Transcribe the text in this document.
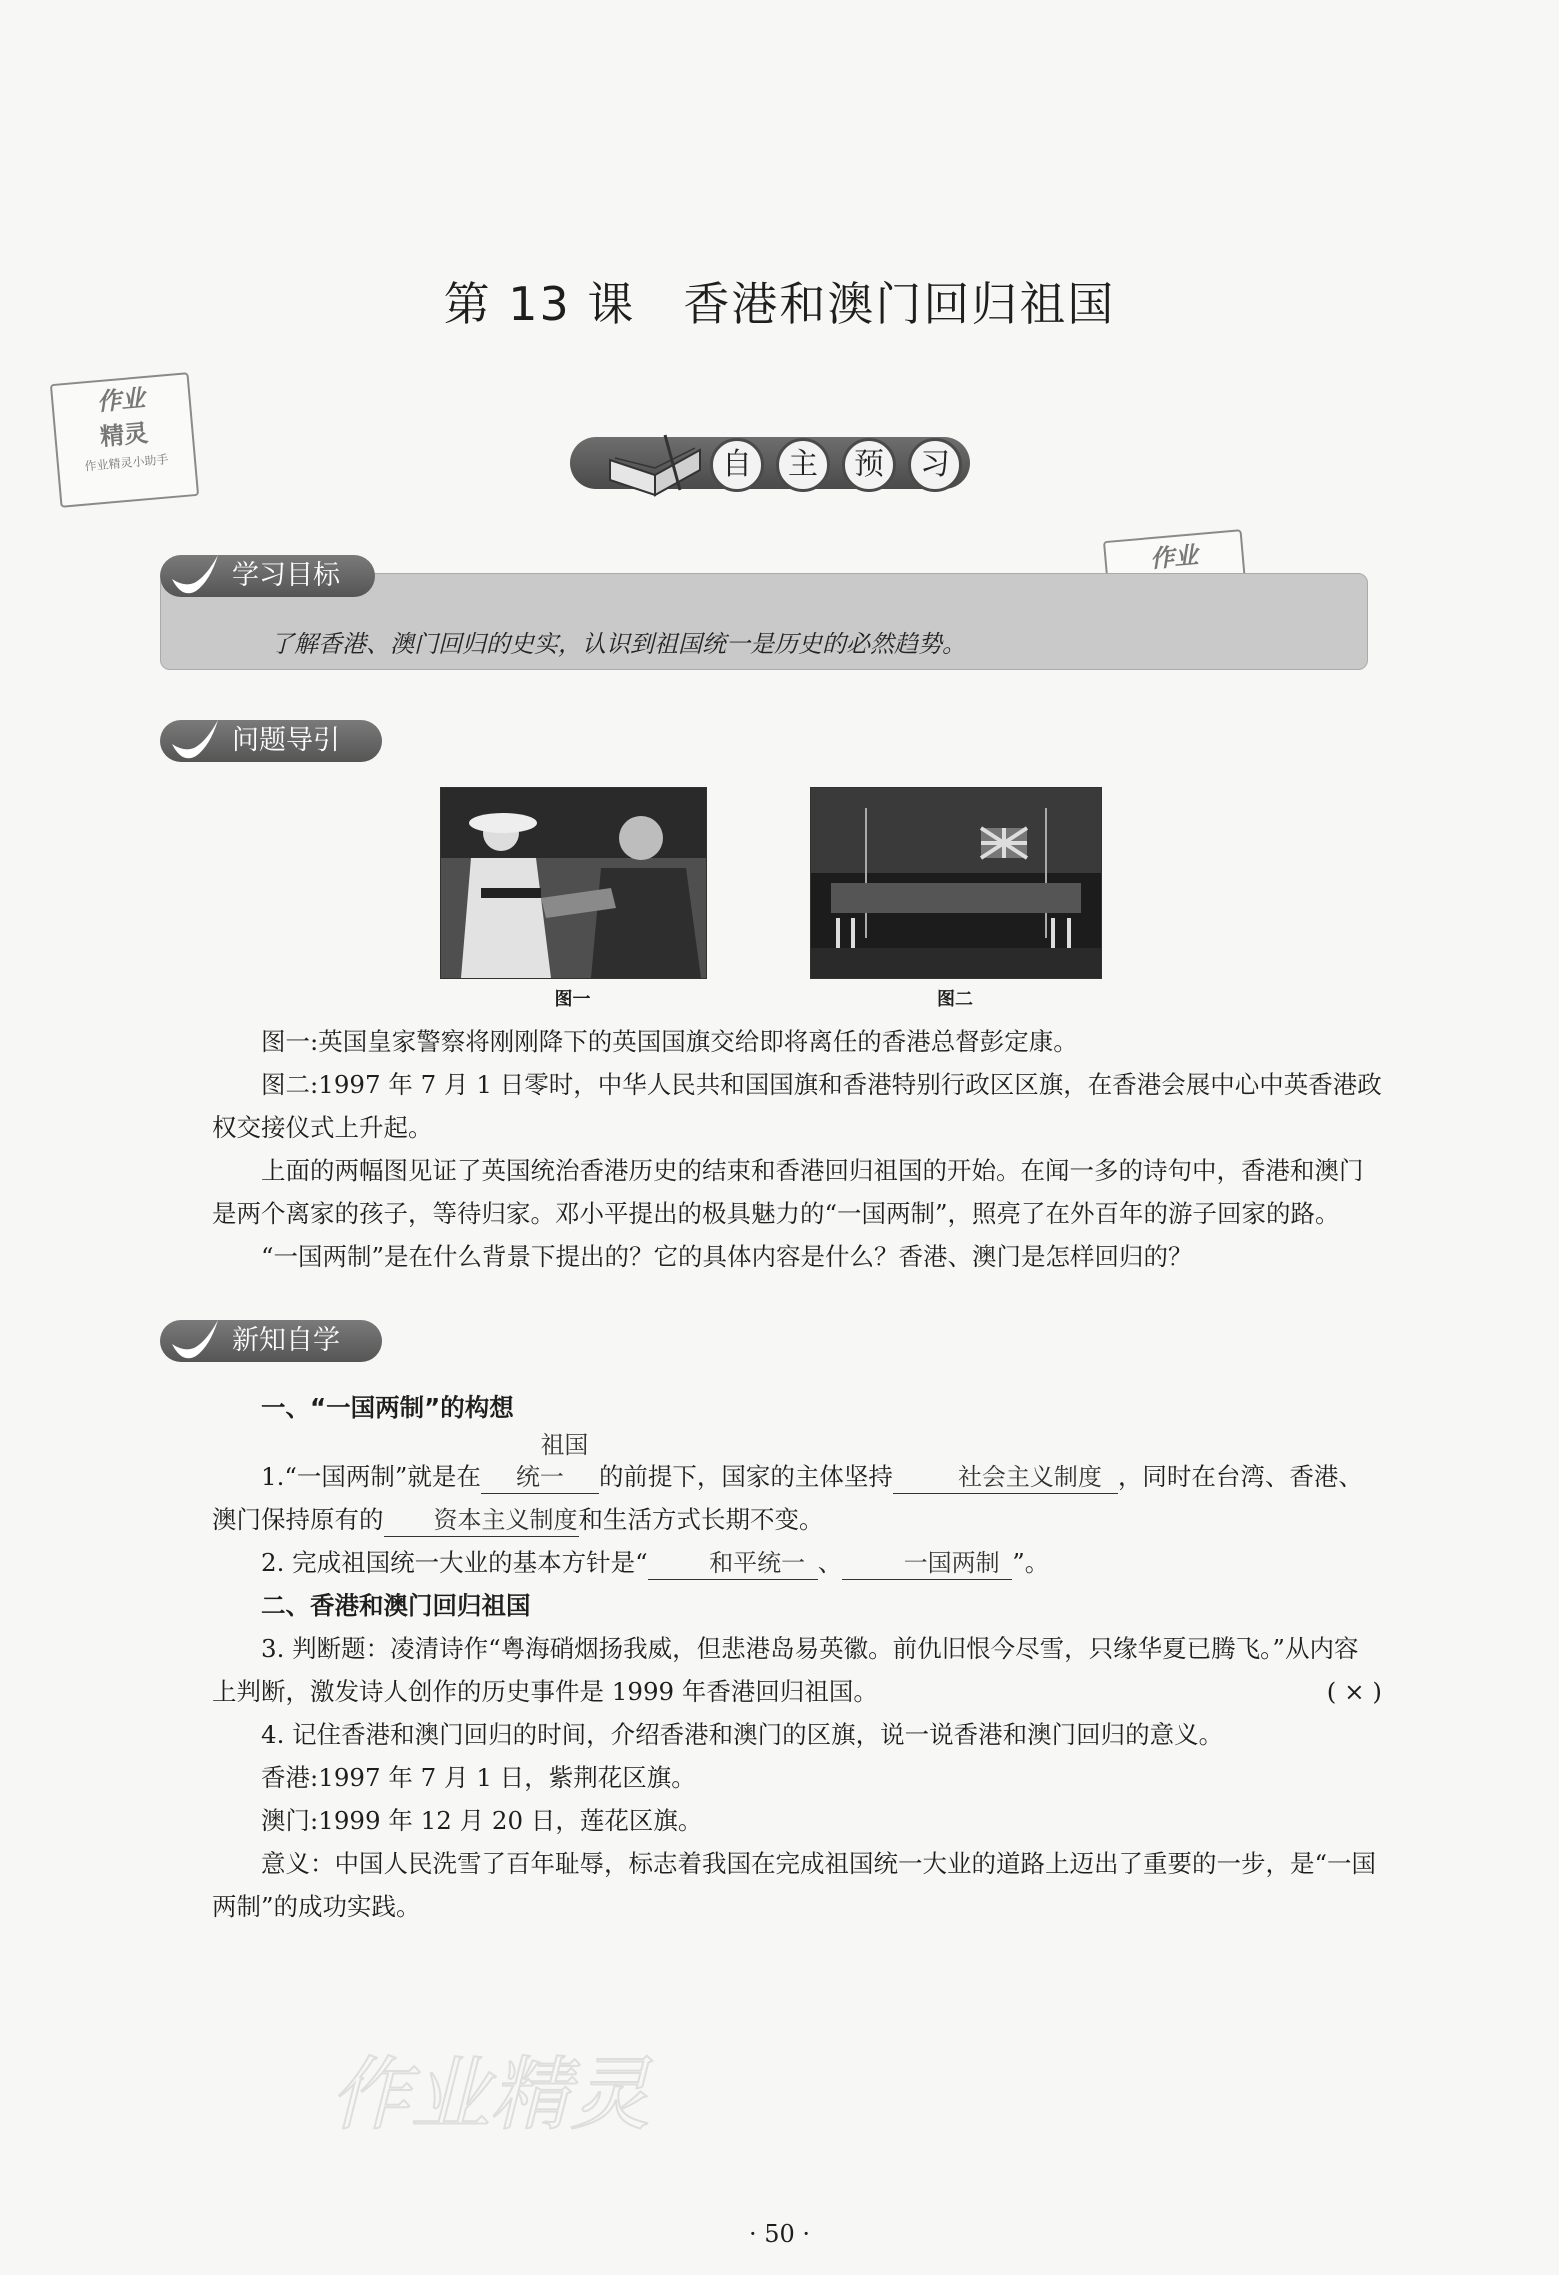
第 13 课 香港和澳门回归祖国
作业
精灵
作业精灵小助手
作业
自	主	预	习
学习目标
了解香港、澳门回归的史实，认识到祖国统一是历史的必然趋势。
问题导引
图一	图二

图一:英国皇家警察将刚刚降下的英国国旗交给即将离任的香港总督彭定康。

图二:1997 年 7 月 1 日零时，中华人民共和国国旗和香港特别行政区区旗，在香港会展中心中英香港政权交接仪式上升起。

上面的两幅图见证了英国统治香港历史的结束和香港回归祖国的开始。在闻一多的诗句中，香港和澳门是两个离家的孩子，等待归家。邓小平提出的极具魅力的“一国两制”，照亮了在外百年的游子回家的路。

“一国两制”是在什么背景下提出的？它的具体内容是什么？香港、澳门是怎样回归的？

新知自学

一、“一国两制”的构想

1.“一国两制”就是在祖国统一 的前提下，国家的主体坚持	社会主义制度 ，同时在台湾、香港、澳门保持原有的 资本主义制度和生活方式长期不变。

2. 完成祖国统一大业的基本方针是“	和平统一 、	一国两制 ”。

二、香港和澳门回归祖国

3. 判断题：凌清诗作“粤海硝烟扬我威，但悲港岛易英徽。前仇旧恨今尽雪，只缘华夏已腾飞。”从内容上判断，激发诗人创作的历史事件是 1999 年香港回归祖国。	( × )

4. 记住香港和澳门回归的时间，介绍香港和澳门的区旗，说一说香港和澳门回归的意义。

香港:1997 年 7 月 1 日，紫荆花区旗。

澳门:1999 年 12 月 20 日，莲花区旗。

意义：中国人民洗雪了百年耻辱，标志着我国在完成祖国统一大业的道路上迈出了重要的一步，是“一国两制”的成功实践。

作业精灵
· 50 ·
